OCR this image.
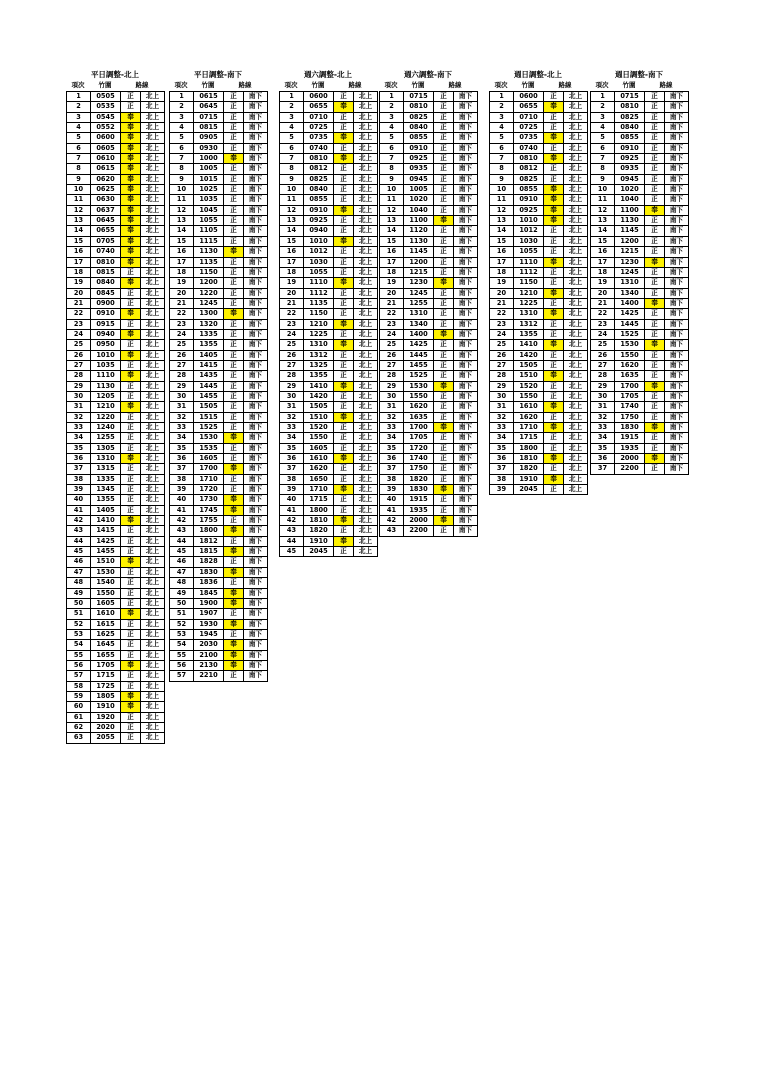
平日調整-北上
項次	竹圍	路線
1	0505	正	北上
2	0535	正	北上
3	0545	奉	北上
4	0552	奉	北上
5	0600	奉	北上
6	0605	奉	北上
7	0610	奉	北上
8	0615	奉	北上
9	0620	奉	北上
10	0625	奉	北上
11	0630	奉	北上
12	0637	奉	北上
13	0645	奉	北上
14	0655	奉	北上
15	0705	奉	北上
16	0740	奉	北上
17	0810	奉	北上
18	0815	正	北上
19	0840	奉	北上
20	0845	正	北上
21	0900	正	北上
22	0910	奉	北上
23	0915	正	北上
24	0940	奉	北上
25	0950	正	北上
26	1010	奉	北上
27	1035	正	北上
28	1110	奉	北上
29	1130	正	北上
30	1205	正	北上
31	1210	奉	北上
32	1220	正	北上
33	1240	正	北上
34	1255	正	北上
35	1305	正	北上
36	1310	奉	北上
37	1315	正	北上
38	1335	正	北上
39	1345	正	北上
40	1355	正	北上
41	1405	正	北上
42	1410	奉	北上
43	1415	正	北上
44	1425	正	北上
45	1455	正	北上
46	1510	奉	北上
47	1530	正	北上
48	1540	正	北上
49	1550	正	北上
50	1605	正	北上
51	1610	奉	北上
52	1615	正	北上
53	1625	正	北上
54	1645	正	北上
55	1655	正	北上
56	1705	奉	北上
57	1715	正	北上
58	1725	正	北上
59	1805	奉	北上
60	1910	奉	北上
61	1920	正	北上
62	2020	正	北上
63	2055	正	北上
平日調整-南下
項次	竹圍	路線
1	0615	正	南下
2	0645	正	南下
3	0715	正	南下
4	0815	正	南下
5	0905	正	南下
6	0930	正	南下
7	1000	奉	南下
8	1005	正	南下
9	1015	正	南下
10	1025	正	南下
11	1035	正	南下
12	1045	正	南下
13	1055	正	南下
14	1105	正	南下
15	1115	正	南下
16	1130	奉	南下
17	1135	正	南下
18	1150	正	南下
19	1200	正	南下
20	1220	正	南下
21	1245	正	南下
22	1300	奉	南下
23	1320	正	南下
24	1335	正	南下
25	1355	正	南下
26	1405	正	南下
27	1415	正	南下
28	1435	正	南下
29	1445	正	南下
30	1455	正	南下
31	1505	正	南下
32	1515	正	南下
33	1525	正	南下
34	1530	奉	南下
35	1535	正	南下
36	1605	正	南下
37	1700	奉	南下
38	1710	正	南下
39	1720	正	南下
40	1730	奉	南下
41	1745	奉	南下
42	1755	正	南下
43	1800	奉	南下
44	1812	正	南下
45	1815	奉	南下
46	1828	正	南下
47	1830	奉	南下
48	1836	正	南下
49	1845	奉	南下
50	1900	奉	南下
51	1907	正	南下
52	1930	奉	南下
53	1945	正	南下
54	2030	奉	南下
55	2100	奉	南下
56	2130	奉	南下
57	2210	正	南下
週六調整-北上
項次	竹圍	路線
1	0600	正	北上
2	0655	奉	北上
3	0710	正	北上
4	0725	正	北上
5	0735	奉	北上
6	0740	正	北上
7	0810	奉	北上
8	0812	正	北上
9	0825	正	北上
10	0840	正	北上
11	0855	正	北上
12	0910	奉	北上
13	0925	正	北上
14	0940	正	北上
15	1010	奉	北上
16	1012	正	北上
17	1030	正	北上
18	1055	正	北上
19	1110	奉	北上
20	1112	正	北上
21	1135	正	北上
22	1150	正	北上
23	1210	奉	北上
24	1225	正	北上
25	1310	奉	北上
26	1312	正	北上
27	1325	正	北上
28	1355	正	北上
29	1410	奉	北上
30	1420	正	北上
31	1505	正	北上
32	1510	奉	北上
33	1520	正	北上
34	1550	正	北上
35	1605	正	北上
36	1610	奉	北上
37	1620	正	北上
38	1650	正	北上
39	1710	奉	北上
40	1715	正	北上
41	1800	正	北上
42	1810	奉	北上
43	1820	正	北上
44	1910	奉	北上
45	2045	正	北上
週六調整-南下
項次	竹圍	路線
1	0715	正	南下
2	0810	正	南下
3	0825	正	南下
4	0840	正	南下
5	0855	正	南下
6	0910	正	南下
7	0925	正	南下
8	0935	正	南下
9	0945	正	南下
10	1005	正	南下
11	1020	正	南下
12	1040	正	南下
13	1100	奉	南下
14	1120	正	南下
15	1130	正	南下
16	1145	正	南下
17	1200	正	南下
18	1215	正	南下
19	1230	奉	南下
20	1245	正	南下
21	1255	正	南下
22	1310	正	南下
23	1340	正	南下
24	1400	奉	南下
25	1425	正	南下
26	1445	正	南下
27	1455	正	南下
28	1525	正	南下
29	1530	奉	南下
30	1550	正	南下
31	1620	正	南下
32	1635	正	南下
33	1700	奉	南下
34	1705	正	南下
35	1720	正	南下
36	1740	正	南下
37	1750	正	南下
38	1820	正	南下
39	1830	奉	南下
40	1915	正	南下
41	1935	正	南下
42	2000	奉	南下
43	2200	正	南下
週日調整-北上
項次	竹圍	路線
1	0600	正	北上
2	0655	奉	北上
3	0710	正	北上
4	0725	正	北上
5	0735	奉	北上
6	0740	正	北上
7	0810	奉	北上
8	0812	正	北上
9	0825	正	北上
10	0855	奉	北上
11	0910	奉	北上
12	0925	奉	北上
13	1010	奉	北上
14	1012	正	北上
15	1030	正	北上
16	1055	正	北上
17	1110	奉	北上
18	1112	正	北上
19	1150	正	北上
20	1210	奉	北上
21	1225	正	北上
22	1310	奉	北上
23	1312	正	北上
24	1355	正	北上
25	1410	奉	北上
26	1420	正	北上
27	1505	正	北上
28	1510	奉	北上
29	1520	正	北上
30	1550	正	北上
31	1610	奉	北上
32	1620	正	北上
33	1710	奉	北上
34	1715	正	北上
35	1800	正	北上
36	1810	奉	北上
37	1820	正	北上
38	1910	奉	北上
39	2045	正	北上
週日調整-南下
項次	竹圍	路線
1	0715	正	南下
2	0810	正	南下
3	0825	正	南下
4	0840	正	南下
5	0855	正	南下
6	0910	正	南下
7	0925	正	南下
8	0935	正	南下
9	0945	正	南下
10	1020	正	南下
11	1040	正	南下
12	1100	奉	南下
13	1130	正	南下
14	1145	正	南下
15	1200	正	南下
16	1215	正	南下
17	1230	奉	南下
18	1245	正	南下
19	1310	正	南下
20	1340	正	南下
21	1400	奉	南下
22	1425	正	南下
23	1445	正	南下
24	1525	正	南下
25	1530	奉	南下
26	1550	正	南下
27	1620	正	南下
28	1635	正	南下
29	1700	奉	南下
30	1705	正	南下
31	1740	正	南下
32	1750	正	南下
33	1830	奉	南下
34	1915	正	南下
35	1935	正	南下
36	2000	奉	南下
37	2200	正	南下
